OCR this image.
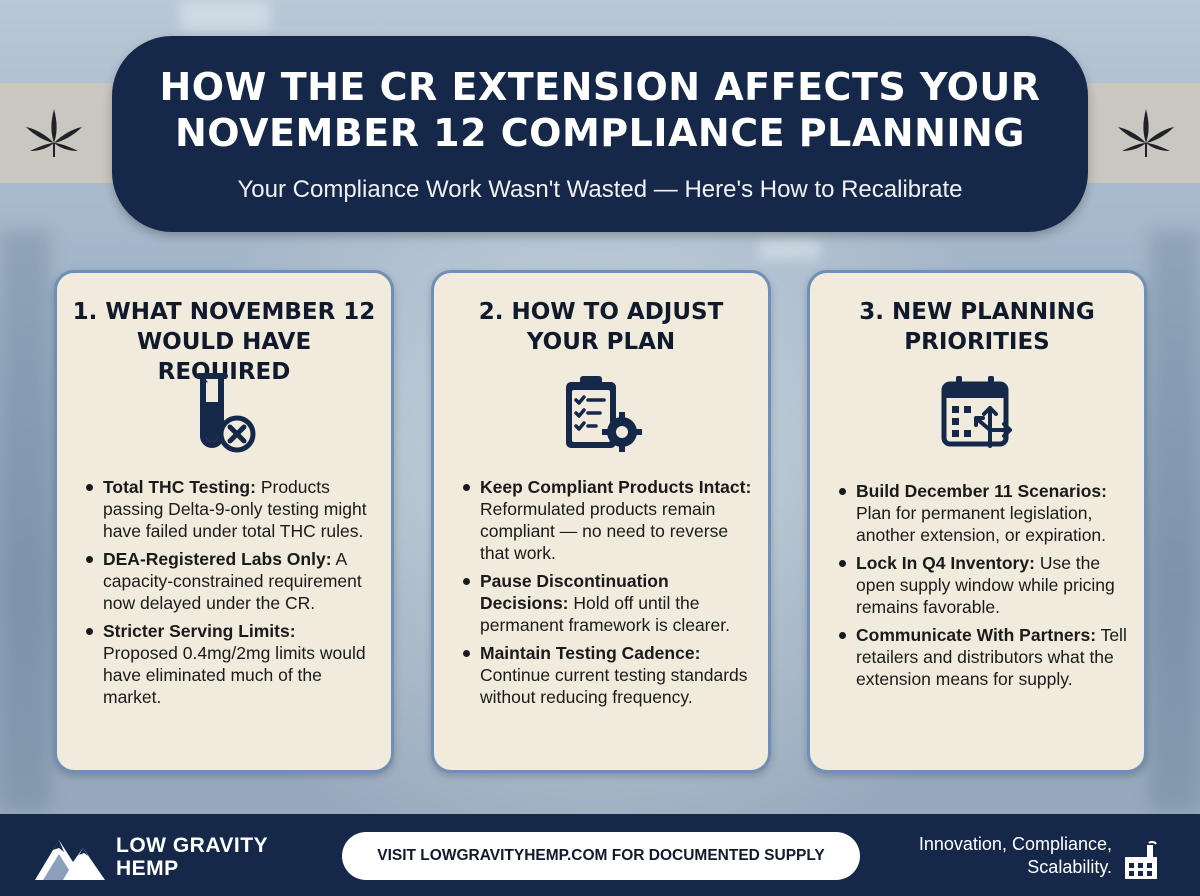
HOW THE CR EXTENSION AFFECTS YOUR
NOVEMBER 12 COMPLIANCE PLANNING
Your Compliance Work Wasn't Wasted — Here's How to Recalibrate
1. WHAT NOVEMBER 12
WOULD HAVE REQUIRED
Total THC Testing: Products passing Delta-9-only testing might have failed under total THC rules.
DEA-Registered Labs Only: A capacity-constrained requirement now delayed under the CR.
Stricter Serving Limits: Proposed 0.4mg/2mg limits would have eliminated much of the market.
2. HOW TO ADJUST
YOUR PLAN
Keep Compliant Products Intact: Reformulated products remain compliant — no need to reverse that work.
Pause Discontinuation Decisions: Hold off until the permanent framework is clearer.
Maintain Testing Cadence: Continue current testing standards without reducing frequency.
3. NEW PLANNING
PRIORITIES
Build December 11 Scenarios: Plan for permanent legislation, another extension, or expiration.
Lock In Q4 Inventory: Use the open supply window while pricing remains favorable.
Communicate With Partners: Tell retailers and distributors what the extension means for supply.
LOW GRAVITY
HEMP
VISIT LOWGRAVITYHEMP.COM FOR DOCUMENTED SUPPLY
Innovation, Compliance,
Scalability.
